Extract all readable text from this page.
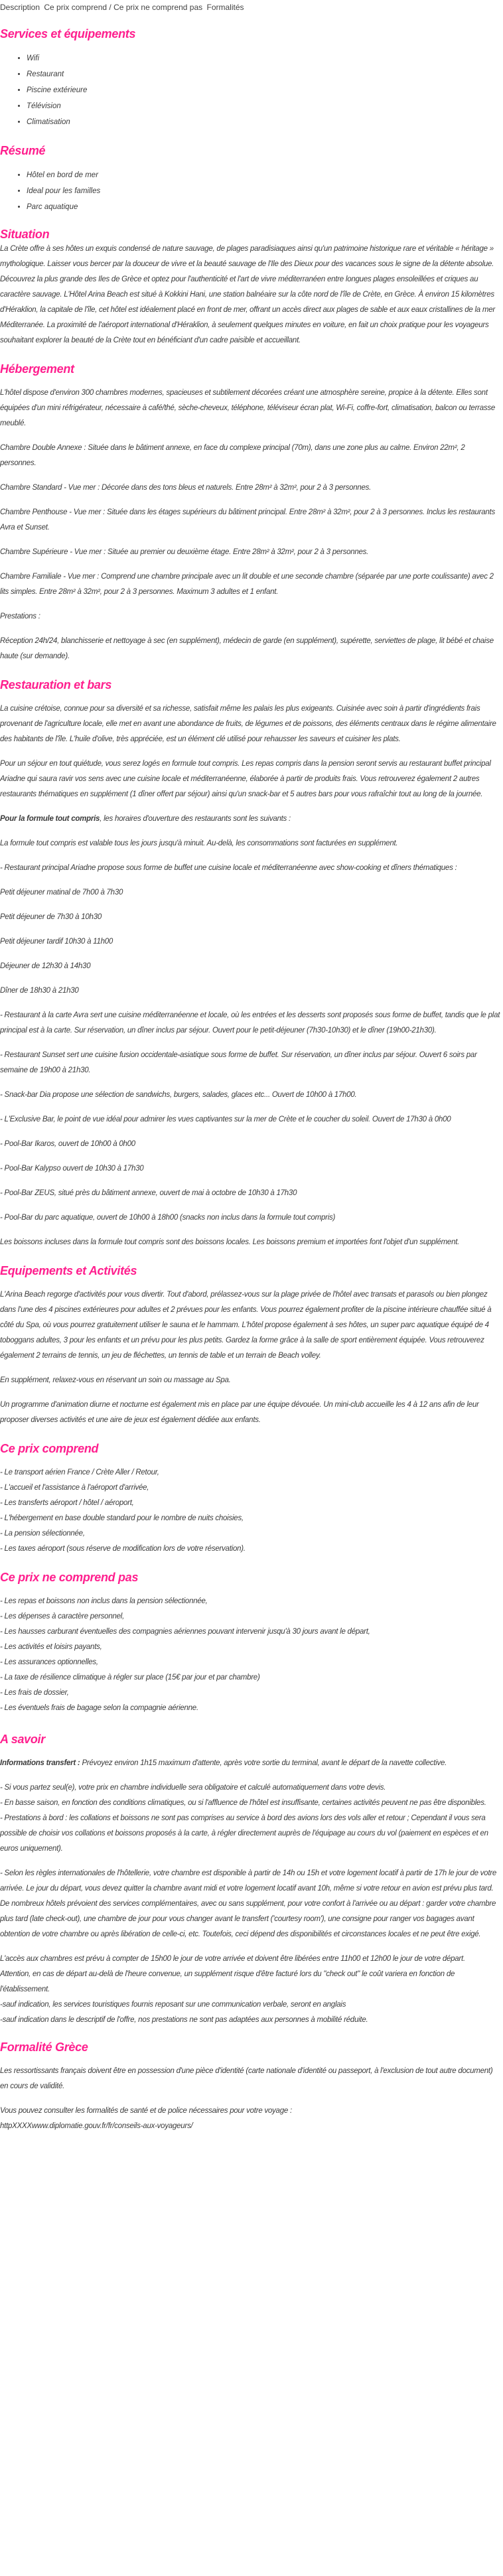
Description Ce prix comprend / Ce prix ne comprend pas Formalités
Services et équipements
• Wifi
• Restaurant
• Piscine extérieure
• Télévision
• Climatisation
Résumé
• Hôtel en bord de mer
• Ideal pour les familles
• Parc aquatique
Situation

La Crète offre à ses hôtes un exquis condensé de nature sauvage, de plages paradisiaques ainsi qu'un patrimoine historique rare et véritable « héritage » mythologique. Laisser vous bercer par la douceur de vivre et la beauté sauvage de l'Ile des Dieux pour des vacances sous le signe de la détente absolue. Découvrez la plus grande des Iles de Grèce et optez pour l'authenticité et l'art de vivre méditerranéen entre longues plages ensoleillées et criques au caractère sauvage. L'Hôtel Arina Beach est situé à Kokkini Hani, une station balnéaire sur la côte nord de l'île de Crète, en Grèce. À environ 15 kilomètres d'Héraklion, la capitale de l'île, cet hôtel est idéalement placé en front de mer, offrant un accès direct aux plages de sable et aux eaux cristallines de la mer Méditerranée. La proximité de l'aéroport international d'Héraklion, à seulement quelques minutes en voiture, en fait un choix pratique pour les voyageurs souhaitant explorer la beauté de la Crète tout en bénéficiant d'un cadre paisible et accueillant.

Hébergement

L'hôtel dispose d'environ 300 chambres modernes, spacieuses et subtilement décorées créant une atmosphère sereine, propice à la détente. Elles sont équipées d'un mini réfrigérateur, nécessaire à café/thé, sèche-cheveux, téléphone, téléviseur écran plat, Wi-Fi, coffre-fort, climatisation, balcon ou terrasse meublé.

Chambre Double Annexe : Située dans le bâtiment annexe, en face du complexe principal (70m), dans une zone plus au calme. Environ 22m², 2 personnes.

Chambre Standard - Vue mer : Décorée dans des tons bleus et naturels. Entre 28m² à 32m², pour 2 à 3 personnes.

Chambre Penthouse - Vue mer : Située dans les étages supérieurs du bâtiment principal. Entre 28m² à 32m², pour 2 à 3 personnes. Inclus les restaurants Avra et Sunset.

Chambre Supérieure - Vue mer : Située au premier ou deuxième étage. Entre 28m² à 32m², pour 2 à 3 personnes.

Chambre Familiale - Vue mer : Comprend une chambre principale avec un lit double et une seconde chambre (séparée par une porte coulissante) avec 2 lits simples. Entre 28m² à 32m², pour 2 à 3 personnes. Maximum 3 adultes et 1 enfant.

Prestations :

Réception 24h/24, blanchisserie et nettoyage à sec (en supplément), médecin de garde (en supplément), supérette, serviettes de plage, lit bébé et chaise haute (sur demande).

Restauration et bars

La cuisine crétoise, connue pour sa diversité et sa richesse, satisfait même les palais les plus exigeants. Cuisinée avec soin à partir d'ingrédients frais provenant de l'agriculture locale, elle met en avant une abondance de fruits, de légumes et de poissons, des éléments centraux dans le régime alimentaire des habitants de l'île. L'huile d'olive, très appréciée, est un élément clé utilisé pour rehausser les saveurs et cuisiner les plats.

Pour un séjour en tout quiétude, vous serez logés en formule tout compris. Les repas compris dans la pension seront servis au restaurant buffet principal Ariadne qui saura ravir vos sens avec une cuisine locale et méditerranéenne, élaborée à partir de produits frais. Vous retrouverez également 2 autres restaurants thématiques en supplément (1 dîner offert par séjour) ainsi qu'un snack-bar et 5 autres bars pour vous rafraîchir tout au long de la journée.

Pour la formule tout compris, les horaires d'ouverture des restaurants sont les suivants :

La formule tout compris est valable tous les jours jusqu'à minuit. Au-delà, les consommations sont facturées en supplément.

- Restaurant principal Ariadne propose sous forme de buffet une cuisine locale et méditerranéenne avec show-cooking et dîners thématiques :

Petit déjeuner matinal de 7h00 à 7h30

Petit déjeuner de 7h30 à 10h30

Petit déjeuner tardif 10h30 à 11h00

Déjeuner de 12h30 à 14h30

Dîner de 18h30 à 21h30

- Restaurant à la carte Avra sert une cuisine méditerranéenne et locale, où les entrées et les desserts sont proposés sous forme de buffet, tandis que le plat principal est à la carte. Sur réservation, un dîner inclus par séjour. Ouvert pour le petit-déjeuner (7h30-10h30) et le dîner (19h00-21h30).

- Restaurant Sunset sert une cuisine fusion occidentale-asiatique sous forme de buffet. Sur réservation, un dîner inclus par séjour. Ouvert 6 soirs par semaine de 19h00 à 21h30.

- Snack-bar Dia propose une sélection de sandwichs, burgers, salades, glaces etc... Ouvert de 10h00 à 17h00.

- L'Exclusive Bar, le point de vue idéal pour admirer les vues captivantes sur la mer de Crète et le coucher du soleil. Ouvert de 17h30 à 0h00

- Pool-Bar Ikaros, ouvert de 10h00 à 0h00

- Pool-Bar Kalypso ouvert de 10h30 à 17h30

- Pool-Bar ZEUS, situé près du bâtiment annexe, ouvert de mai à octobre de 10h30 à 17h30

- Pool-Bar du parc aquatique, ouvert de 10h00 à 18h00 (snacks non inclus dans la formule tout compris)

Les boissons incluses dans la formule tout compris sont des boissons locales. Les boissons premium et importées font l'objet d'un supplément.

Equipements et Activités

L'Arina Beach regorge d'activités pour vous divertir. Tout d'abord, prélassez-vous sur la plage privée de l'hôtel avec transats et parasols ou bien plongez dans l'une des 4 piscines extérieures pour adultes et 2 prévues pour les enfants. Vous pourrez également profiter de la piscine intérieure chauffée situé à côté du Spa, où vous pourrez gratuitement utiliser le sauna et le hammam. L'hôtel propose également à ses hôtes, un super parc aquatique équipé de 4 toboggans adultes, 3 pour les enfants et un prévu pour les plus petits. Gardez la forme grâce à la salle de sport entièrement équipée. Vous retrouverez également 2 terrains de tennis, un jeu de fléchettes, un tennis de table et un terrain de Beach volley.

En supplément, relaxez-vous en réservant un soin ou massage au Spa.

Un programme d'animation diurne et nocturne est également mis en place par une équipe dévouée. Un mini-club accueille les 4 à 12 ans afin de leur proposer diverses activités et une aire de jeux est également dédiée aux enfants.

Ce prix comprend
- Le transport aérien France / Crète Aller / Retour,
- L'accueil et l'assistance à l'aéroport d'arrivée,
- Les transferts aéroport / hôtel / aéroport,
- L'hébergement en base double standard pour le nombre de nuits choisies,
- La pension sélectionnée,
- Les taxes aéroport (sous réserve de modification lors de votre réservation).
Ce prix ne comprend pas
- Les repas et boissons non inclus dans la pension sélectionnée,
- Les dépenses à caractère personnel,
- Les hausses carburant éventuelles des compagnies aériennes pouvant intervenir jusqu'à 30 jours avant le départ,
- Les activités et loisirs payants,
- Les assurances optionnelles,
- La taxe de résilience climatique à régler sur place (15€ par jour et par chambre)
- Les frais de dossier,
- Les éventuels frais de bagage selon la compagnie aérienne.
A savoir

Informations transfert : Prévoyez environ 1h15 maximum d'attente, après votre sortie du terminal, avant le départ de la navette collective.

- Si vous partez seul(e), votre prix en chambre individuelle sera obligatoire et calculé automatiquement dans votre devis.
- En basse saison, en fonction des conditions climatiques, ou si l'affluence de l'hôtel est insuffisante, certaines activités peuvent ne pas être disponibles.
- Prestations à bord : les collations et boissons ne sont pas comprises au service à bord des avions lors des vols aller et retour ; Cependant il vous sera possible de choisir vos collations et boissons proposés à la carte, à régler directement auprès de l'équipage au cours du vol (paiement en espèces et en euros uniquement).

- Selon les règles internationales de l'hôtellerie, votre chambre est disponible à partir de 14h ou 15h et votre logement locatif à partir de 17h le jour de votre arrivée. Le jour du départ, vous devez quitter la chambre avant midi et votre logement locatif avant 10h, même si votre retour en avion est prévu plus tard. De nombreux hôtels prévoient des services complémentaires, avec ou sans supplément, pour votre confort à l'arrivée ou au départ : garder votre chambre plus tard (late check-out), une chambre de jour pour vous changer avant le transfert ('courtesy room'), une consigne pour ranger vos bagages avant obtention de votre chambre ou après libération de celle-ci, etc. Toutefois, ceci dépend des disponibilités et circonstances locales et ne peut être exigé.

L'accès aux chambres est prévu à compter de 15h00 le jour de votre arrivée et doivent être libérées entre 11h00 et 12h00 le jour de votre départ.
Attention, en cas de départ au-delà de l'heure convenue, un supplément risque d'être facturé lors du "check out" le coût variera en fonction de l'établissement.
-sauf indication, les services touristiques fournis reposant sur une communication verbale, seront en anglais
-sauf indication dans le descriptif de l'offre, nos prestations ne sont pas adaptées aux personnes à mobilité réduite.
Formalité Grèce

Les ressortissants français doivent être en possession d'une pièce d'identité (carte nationale d'identité ou passeport, à l'exclusion de tout autre document) en cours de validité.

Vous pouvez consulter les formalités de santé et de police nécessaires pour votre voyage :

httpXXXXwww.diplomatie.gouv.fr/fr/conseils-aux-voyageurs/
